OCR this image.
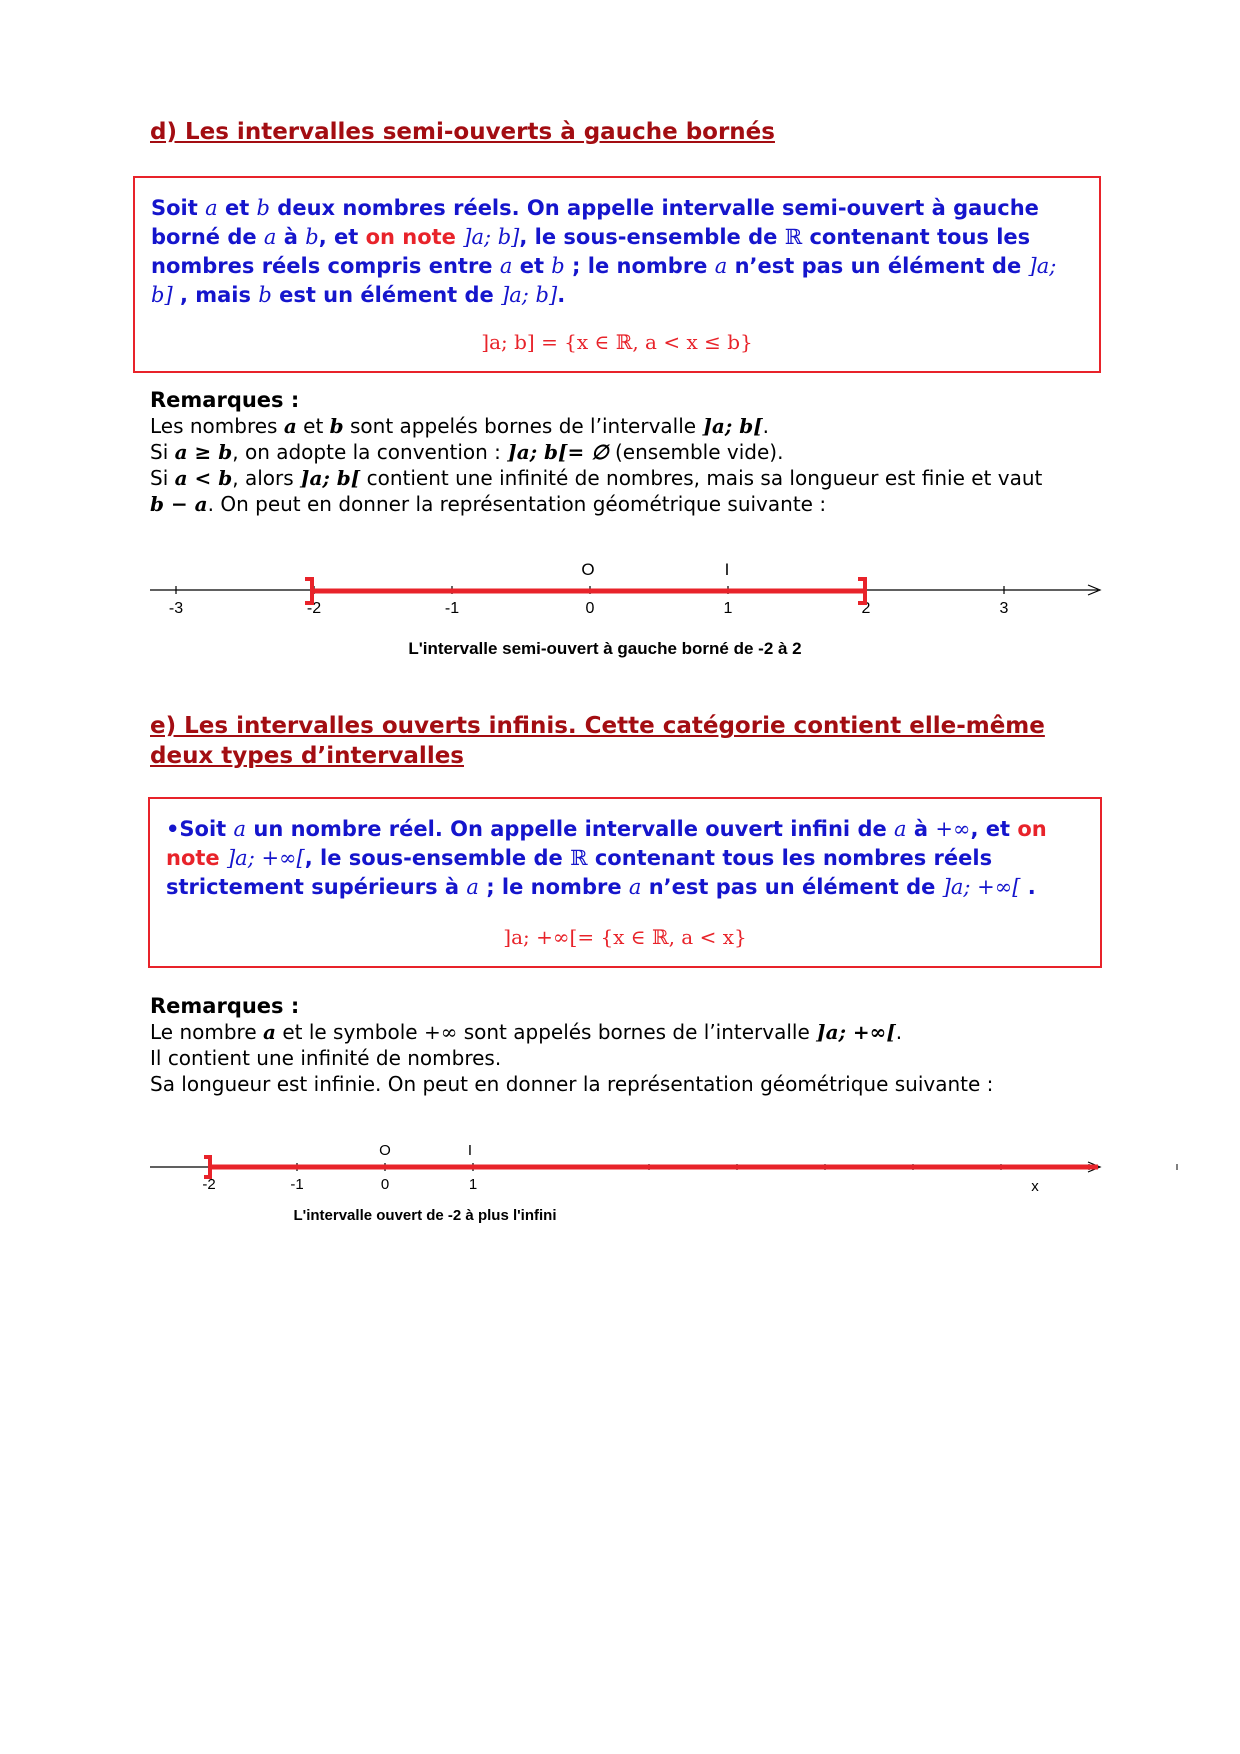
d) Les intervalles semi-ouverts à gauche bornés
Soit a et b deux nombres réels. On appelle intervalle semi-ouvert à gauche borné de a à b, et on note ]a; b], le sous-ensemble de ℝ contenant tous les nombres réels compris entre a et b ; le nombre a n’est pas un élément de ]a; b] , mais b est un élément de ]a; b].
]a; b] = {x ∈ ℝ, a < x ≤ b}
Remarques :
Les nombres a et b sont appelés bornes de l’intervalle ]a; b[.
Si a ≥ b, on adopte la convention : ]a; b[= ∅ (ensemble vide).
Si a < b, alors ]a; b[ contient une infinité de nombres, mais sa longueur est finie et vaut
b − a. On peut en donner la représentation géométrique suivante :
-3	-2	-1	0	1	2	3
O	I
L'intervalle semi-ouvert à gauche borné de -2 à 2
e) Les intervalles ouverts infinis. Cette catégorie contient elle-même
deux types d’intervalles
•Soit a un nombre réel. On appelle intervalle ouvert infini de a à +∞, et on note ]a; +∞[, le sous-ensemble de ℝ contenant tous les nombres réels strictement supérieurs à a ; le nombre a n’est pas un élément de ]a; +∞[ .
]a; +∞[= {x ∈ ℝ, a < x}
Remarques :
Le nombre a et le symbole +∞ sont appelés bornes de l’intervalle ]a; +∞[.
Il contient une infinité de nombres.
Sa longueur est infinie. On peut en donner la représentation géométrique suivante :
-2	-1	0	1
O	I
x
L'intervalle ouvert de -2 à plus l'infini
